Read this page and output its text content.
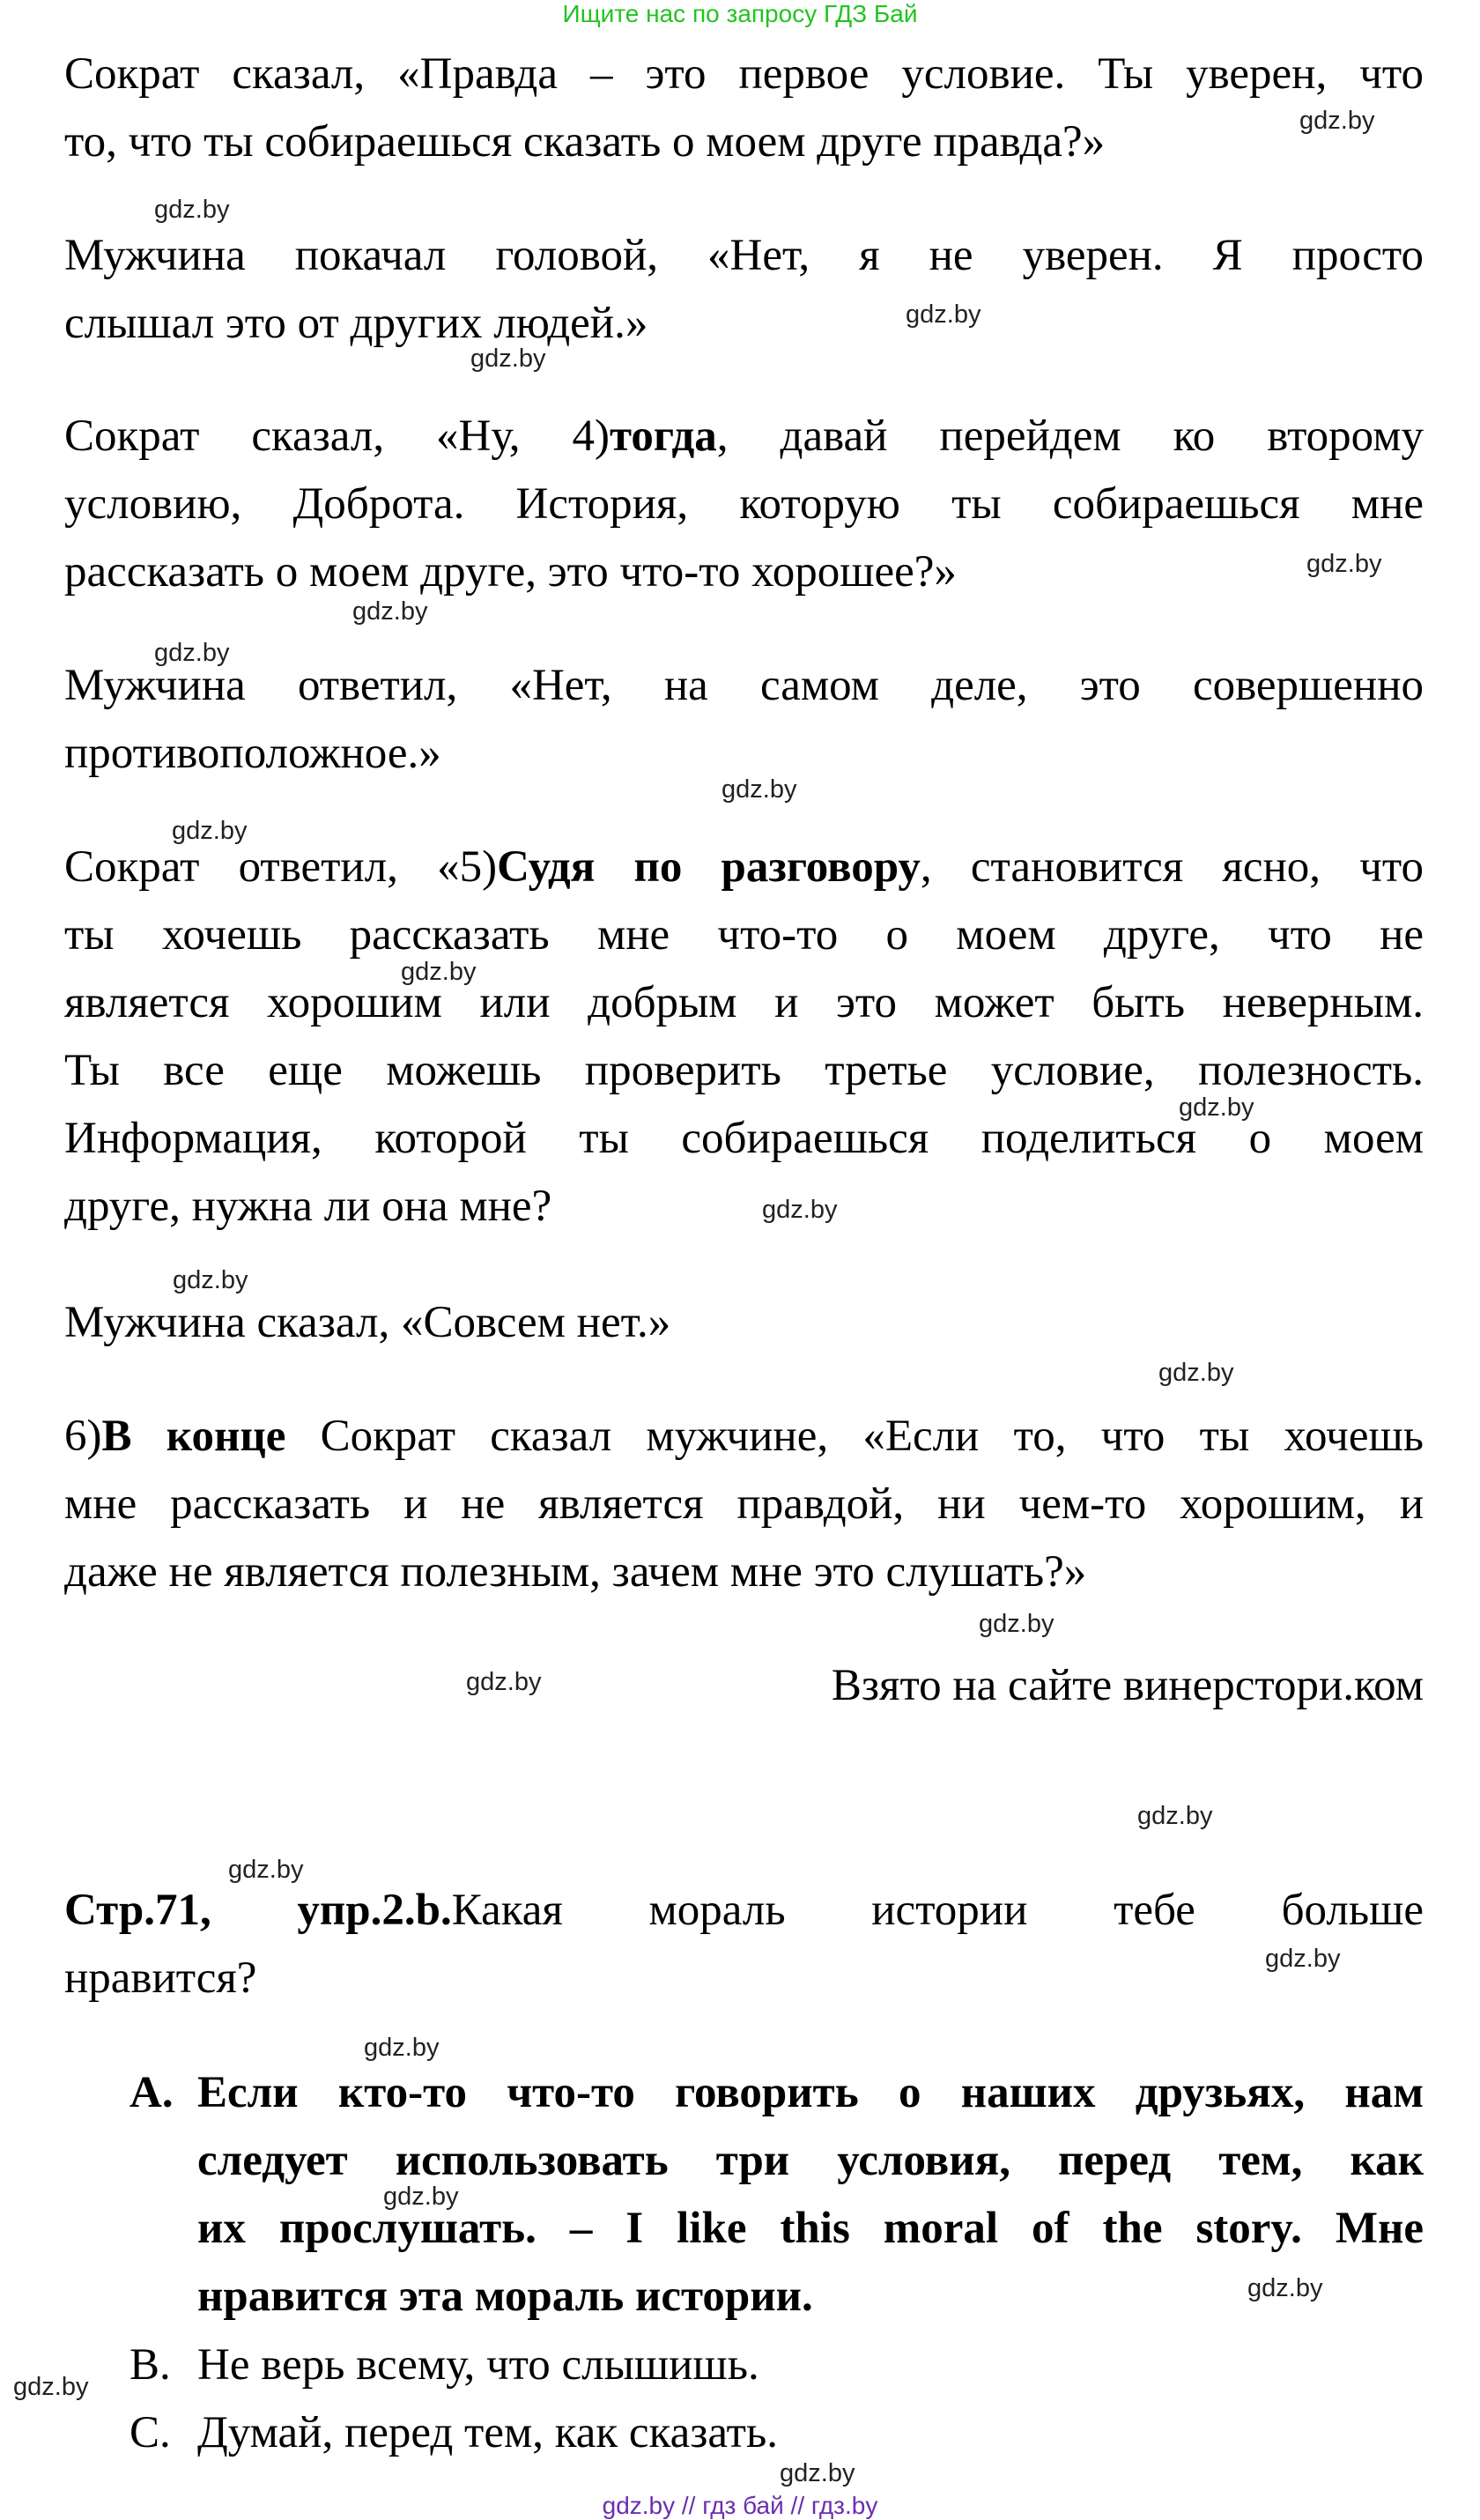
Ищите нас по запросу ГДЗ Бай
Сократ сказал, «Правда – это первое условие. Ты уверен, что
то, что ты собираешься сказать о моем друге правда?»
Мужчина покачал головой, «Нет, я не уверен. Я просто
слышал это от других людей.»
Сократ сказал, «Ну, 4)тогда, давай перейдем ко второму
условию, Доброта. История, которую ты собираешься мне
рассказать о моем друге, это что-то хорошее?»
Мужчина ответил, «Нет, на самом деле, это совершенно
противоположное.»
Сократ ответил, «5)Судя по разговору, становится ясно, что
ты хочешь рассказать мне что-то о моем друге, что не
является хорошим или добрым и это может быть неверным.
Ты все еще можешь проверить третье условие, полезность.
Информация, которой ты собираешься поделиться о моем
друге, нужна ли она мне?
Мужчина сказал, «Совсем нет.»
6)В конце Сократ сказал мужчине, «Если то, что ты хочешь
мне рассказать и не является правдой, ни чем-то хорошим, и
даже не является полезным, зачем мне это слушать?»
Взято на сайте винерстори.ком
Стр.71, упр.2.b.Какая мораль истории тебе больше
нравится?
A. Если кто-то что-то говорить о наших друзьях, нам
следует использовать три условия, перед тем, как
их прослушать. – I like this moral of the story. Мне
нравится эта мораль истории.
B. Не верь всему, что слышишь.
C. Думай, перед тем, как сказать.
gdz.by
gdz.by
gdz.by
gdz.by
gdz.by
gdz.by
gdz.by
gdz.by
gdz.by
gdz.by
gdz.by
gdz.by
gdz.by
gdz.by
gdz.by
gdz.by
gdz.by
gdz.by
gdz.by
gdz.by
gdz.by
gdz.by
gdz.by
gdz.by
gdz.by // гдз бай // гдз.by
